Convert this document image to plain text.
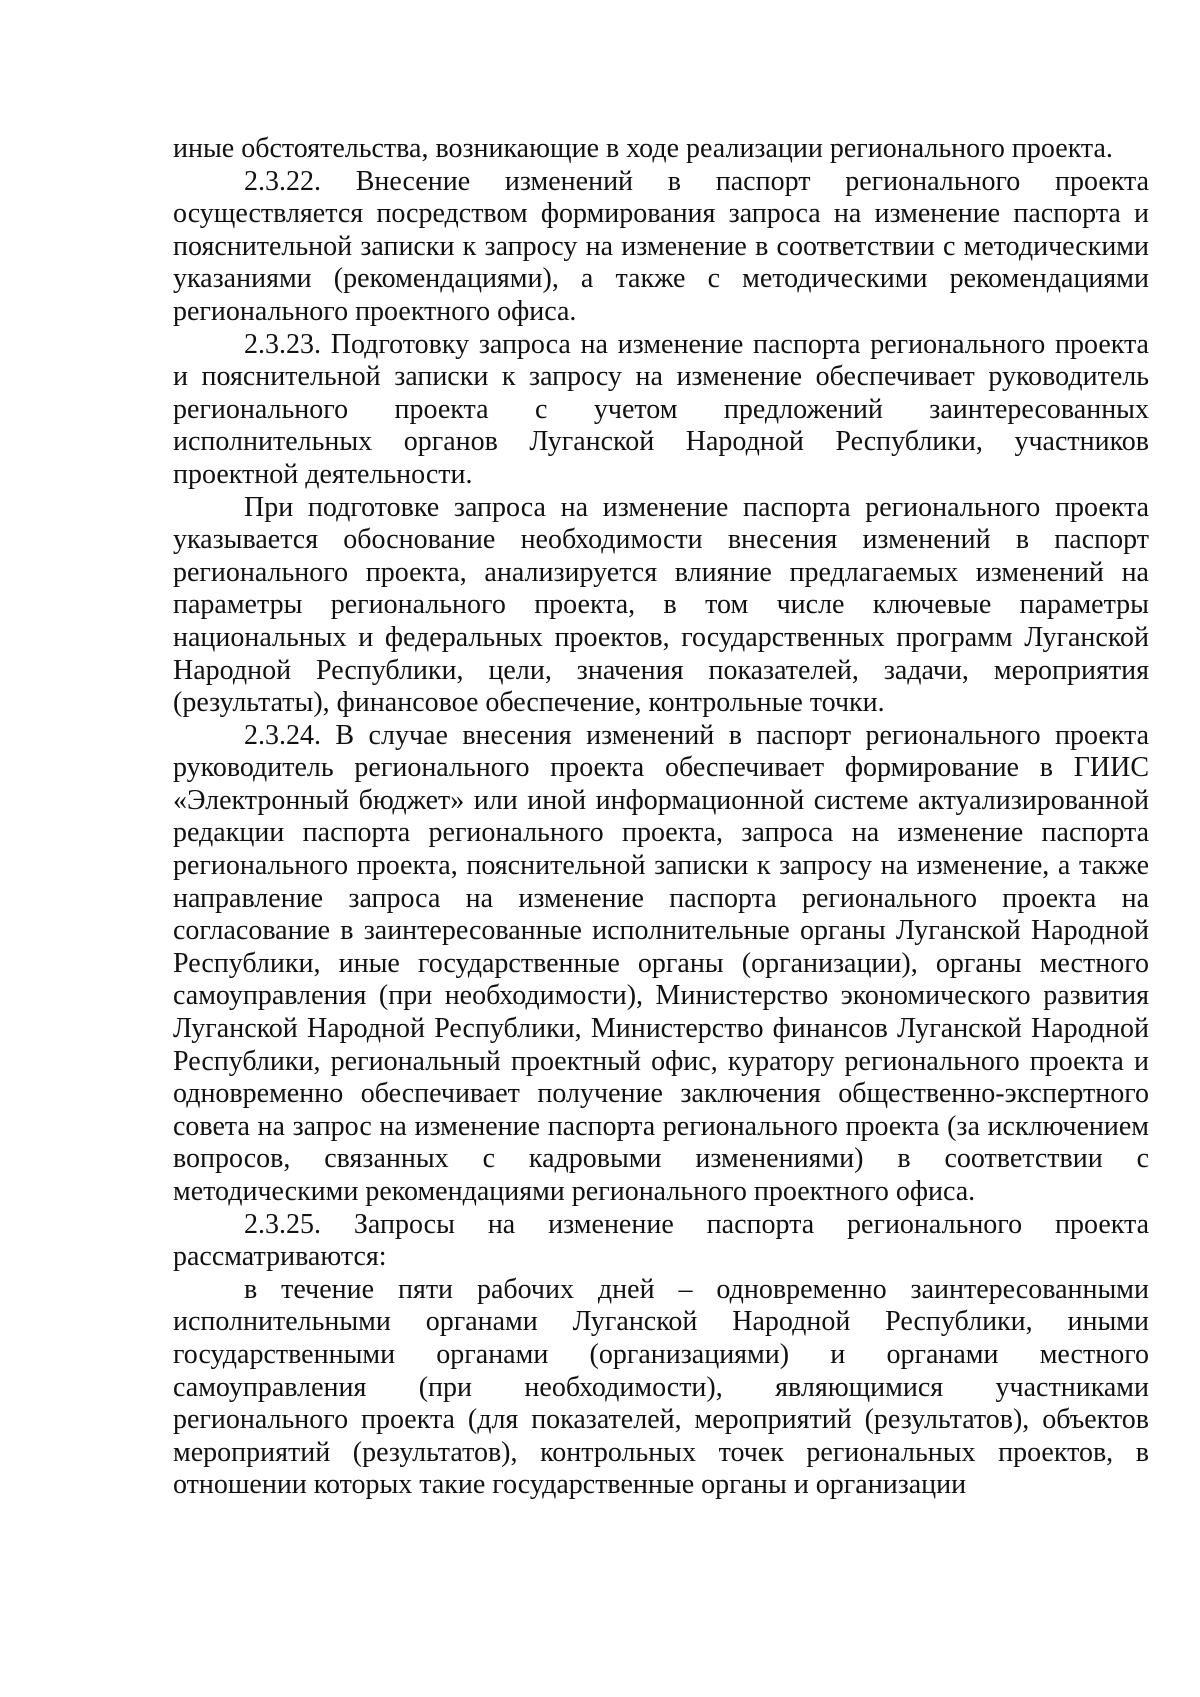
иные обстоятельства, возникающие в ходе реализации регионального проекта.

2.3.22. Внесение изменений в паспорт регионального проекта осуществляется посредством формирования запроса на изменение паспорта и пояснительной записки к запросу на изменение в соответствии с методическими указаниями (рекомендациями), а также с методическими рекомендациями регионального проектного офиса.

2.3.23. Подготовку запроса на изменение паспорта регионального проекта и пояснительной записки к запросу на изменение обеспечивает руководитель регионального проекта с учетом предложений заинтересованных исполнительных органов Луганской Народной Республики, участников проектной деятельности.

При подготовке запроса на изменение паспорта регионального проекта указывается обоснование необходимости внесения изменений в паспорт регионального проекта, анализируется влияние предлагаемых изменений на параметры регионального проекта, в том числе ключевые параметры национальных и федеральных проектов, государственных программ Луганской Народной Республики, цели, значения показателей, задачи, мероприятия (результаты), финансовое обеспечение, контрольные точки.

2.3.24. В случае внесения изменений в паспорт регионального проекта руководитель регионального проекта обеспечивает формирование в ГИИС «Электронный бюджет» или иной информационной системе актуализированной редакции паспорта регионального проекта, запроса на изменение паспорта регионального проекта, пояснительной записки к запросу на изменение, а также направление запроса на изменение паспорта регионального проекта на согласование в заинтересованные исполнительные органы Луганской Народной Республики, иные государственные органы (организации), органы местного самоуправления (при необходимости), Министерство экономического развития Луганской Народной Республики, Министерство финансов Луганской Народной Республики, региональный проектный офис, куратору регионального проекта и одновременно обеспечивает получение заключения общественно-экспертного совета на запрос на изменение паспорта регионального проекта (за исключением вопросов, связанных с кадровыми изменениями) в соответствии с методическими рекомендациями регионального проектного офиса.

2.3.25. Запросы на изменение паспорта регионального проекта рассматриваются:

в течение пяти рабочих дней – одновременно заинтересованными исполнительными органами Луганской Народной Республики, иными государственными органами (организациями) и органами местного самоуправления (при необходимости), являющимися участниками регионального проекта (для показателей, мероприятий (результатов), объектов мероприятий (результатов), контрольных точек региональных проектов, в отношении которых такие государственные органы и организации
